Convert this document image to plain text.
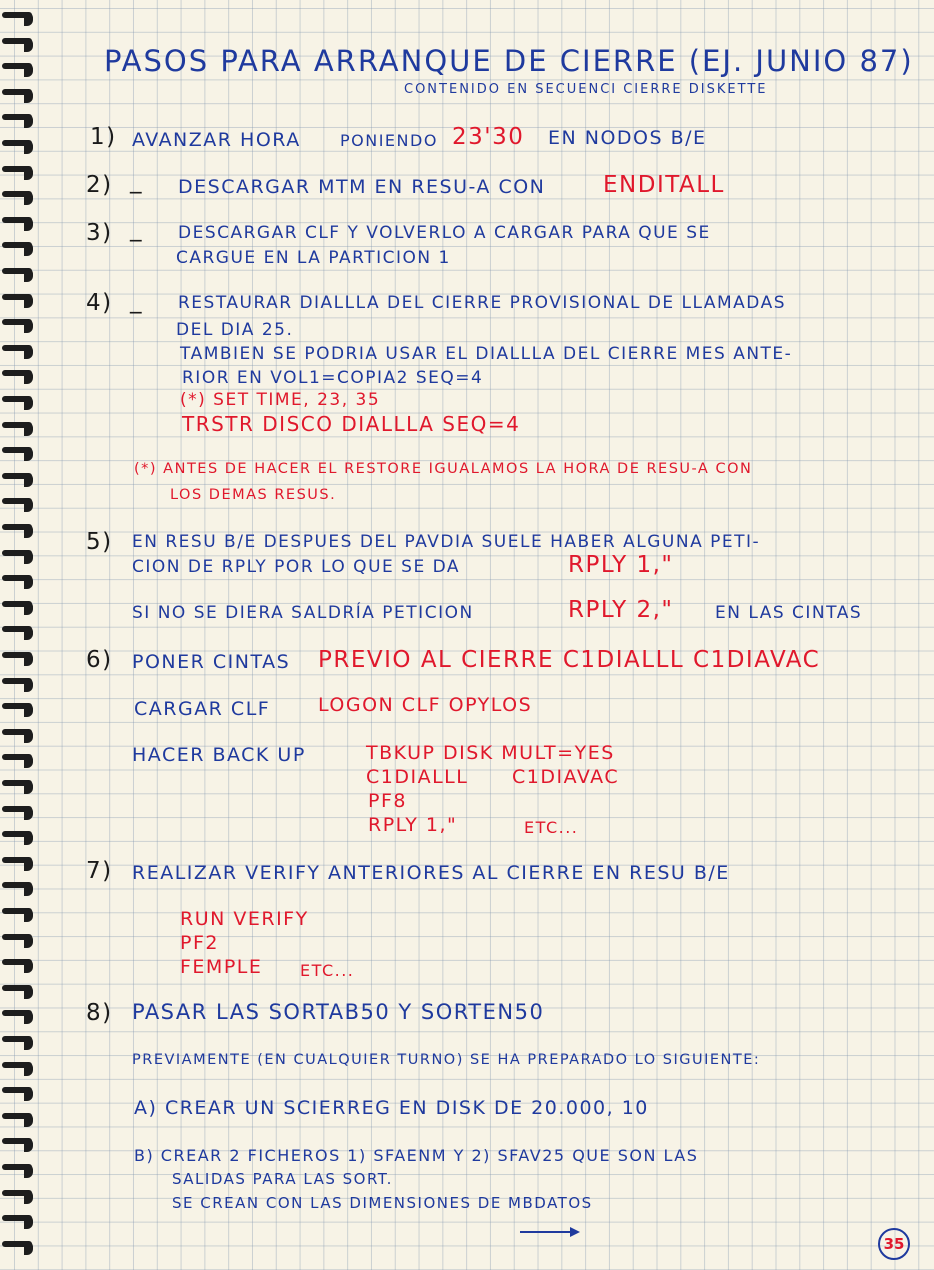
PASOS PARA ARRANQUE DE CIERRE (EJ. JUNIO 87)
CONTENIDO EN SECUENCI CIERRE DISKETTE
1) AVANZAR HORA PONIENDO 23'30 EN NODOS B/E
2) _ DESCARGAR MTM EN RESU-A CON	ENDITALL
3) _ DESCARGAR CLF Y VOLVERLO A CARGAR PARA QUE SE
CARGUE EN LA PARTICION 1
4) _ RESTAURAR DIALLLA DEL CIERRE PROVISIONAL DE LLAMADAS
DEL DIA 25.
TAMBIEN SE PODRIA USAR EL DIALLLA DEL CIERRE MES ANTE-
RIOR EN VOL1=COPIA2 SEQ=4
(*) SET TIME, 23, 35
TRSTR DISCO DIALLLA SEQ=4
(*) ANTES DE HACER EL RESTORE IGUALAMOS LA HORA DE RESU-A CON
LOS DEMAS RESUS.
5) EN RESU B/E DESPUES DEL PAVDIA SUELE HABER ALGUNA PETI-
CION DE RPLY POR LO QUE SE DA	RPLY 1,"
SI NO SE DIERA SALDRÍA PETICION	RPLY 2," EN LAS CINTAS
6) PONER CINTAS PREVIO AL CIERRE C1DIALLL C1DIAVAC
CARGAR CLF	LOGON CLF OPYLOS
HACER BACK UP	TBKUP DISK MULT=YES
C1DIALLL C1DIAVAC
PF8
RPLY 1,"	ETC...
7) REALIZAR VERIFY ANTERIORES AL CIERRE EN RESU B/E
RUN VERIFY
PF2
FEMPLE ETC...
8) PASAR LAS SORTAB50 Y SORTEN50
PREVIAMENTE (EN CUALQUIER TURNO) SE HA PREPARADO LO SIGUIENTE:
A) CREAR UN SCIERREG EN DISK DE 20.000, 10
B) CREAR 2 FICHEROS 1) SFAENM Y 2) SFAV25 QUE SON LAS
SALIDAS PARA LAS SORT.
SE CREAN CON LAS DIMENSIONES DE MBDATOS
35
